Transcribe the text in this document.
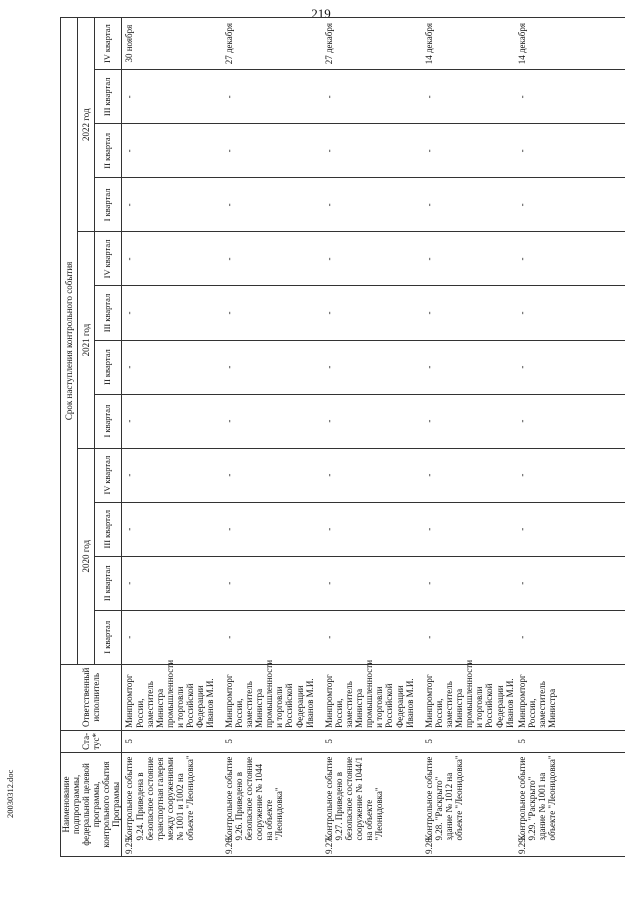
219
20030312.doc	Наименование подпрограммы, федеральной целевой программы, контрольного события Программы		Ста- тус*	Ответственный исполнитель	Срок наступления контрольного события											
				2020 год				2021 год				2022 год			
				I квартал	II квартал	III квартал	IV квартал	I квартал	II квартал	III квартал	IV квартал	I квартал	II квартал	III квартал	IV квартал

9.25.	Контрольное событие 9.24. Приведена в безопасное состояние транспортная галерея между сооружениями № 1001 и 1002 на объекте "Леонидовка"	5	Минпромторг России, заместитель Министра промышленности и торговли Российской Федерации Иванов М.И.	-	-	-	-	-	-	-	-	-	-	-	30 ноября
9.26.	Контрольное событие 9.26. Приведено в безопасное состояние сооружение № 1044 на объекте "Леонидовка"	5	Минпромторг России, заместитель Министра промышленности и торговли Российской Федерации Иванов М.И.	-	-	-	-	-	-	-	-	-	-	-	27 декабря
9.27.	Контрольное событие 9.27. Приведено в безопасное состояние сооружение № 1044/1 на объекте "Леонидовка"	5	Минпромторг России, заместитель Министра промышленности и торговли Российской Федерации Иванов М.И.	-	-	-	-	-	-	-	-	-	-	-	27 декабря
9.28.	Контрольное событие 9.28. "Раскрыто" здание № 1012 на объекте "Леонидовка"	5	Минпромторг России, заместитель Министра промышленности и торговли Российской Федерации Иванов М.И.	-	-	-	-	-	-	-	-	-	-	-	14 декабря
9.29.	Контрольное событие 9.29. "Раскрыто" здание № 1001 на объекте "Леонидовка"	5	Минпромторг России, заместитель Министра	-	-	-	-	-	-	-	-	-	-	-	14 декабря
